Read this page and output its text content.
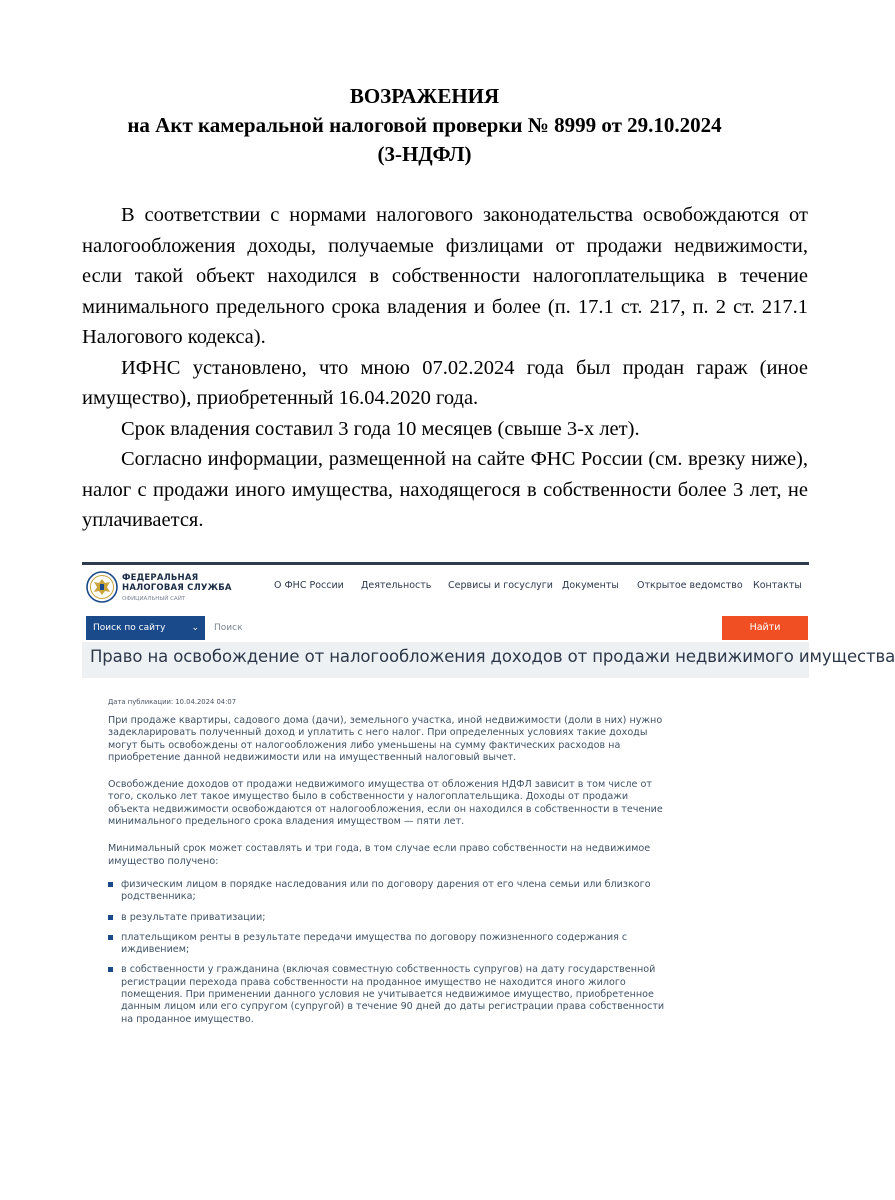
ВОЗРАЖЕНИЯ
на Акт камеральной налоговой проверки № 8999 от 29.10.2024
(3-НДФЛ)

В соответствии с нормами налогового законодательства освобождаются от налогообложения доходы, получаемые физлицами от продажи недвижимости, если такой объект находился в собственности налогоплательщика в течение минимального предельного срока владения и более (п. 17.1 ст. 217, п. 2 ст. 217.1 Налогового кодекса).

ИФНС установлено, что мною 07.02.2024 года был продан гараж (иное имущество), приобретенный 16.04.2020 года.

Срок владения составил 3 года 10 месяцев (свыше 3-х лет).

Согласно информации, размещенной на сайте ФНС России (см. врезку ниже), налог с продажи иного имущества, находящегося в собственности более 3 лет, не уплачивается.

ФЕДЕРАЛЬНАЯ
НАЛОГОВАЯ СЛУЖБА
ОФИЦИАЛЬНЫЙ САЙТ
О ФНС России Деятельность Сервисы и госуслуги Документы Открытое ведомство Контакты
Поиск по сайту	⌄
Поиск	Найти
Право на освобождение от налогообложения доходов от продажи недвижимого имущества
Дата публикации: 10.04.2024 04:07

При продаже квартиры, садового дома (дачи), земельного участка, иной недвижимости (доли в них) нужно задекларировать полученный доход и уплатить с него налог. При определенных условиях такие доходы могут быть освобождены от налогообложения либо уменьшены на сумму фактических расходов на приобретение данной недвижимости или на имущественный налоговый вычет.

Освобождение доходов от продажи недвижимого имущества от обложения НДФЛ зависит в том числе от того, сколько лет такое имущество было в собственности у налогоплательщика. Доходы от продажи объекта недвижимости освобождаются от налогообложения, если он находился в собственности в течение минимального предельного срока владения имуществом — пяти лет.

Минимальный срок может составлять и три года, в том случае если право собственности на недвижимое имущество получено:

физическим лицом в порядке наследования или по договору дарения от его члена семьи или близкого родственника;
в результате приватизации;
плательщиком ренты в результате передачи имущества по договору пожизненного содержания с иждивением;
в собственности у гражданина (включая совместную собственность супругов) на дату государственной регистрации перехода права собственности на проданное имущество не находится иного жилого помещения. При применении данного условия не учитывается недвижимое имущество, приобретенное данным лицом или его супругом (супругой) в течение 90 дней до даты регистрации права собственности на проданное имущество.
